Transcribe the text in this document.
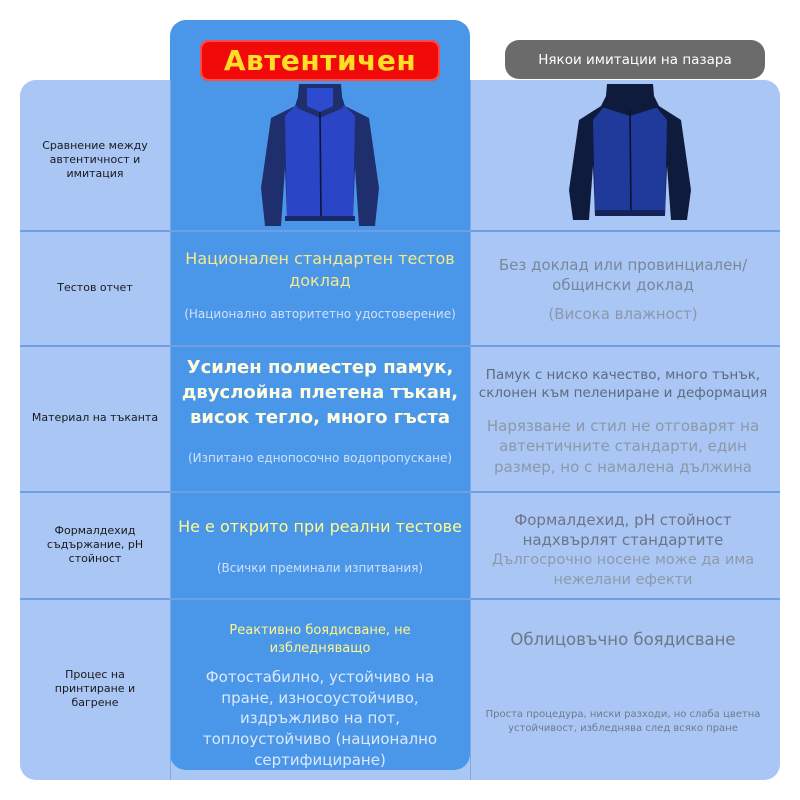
Автентичен	Някои имитации на пазара
Сравнение между автентичност и имитация
Тестов отчет
Материал на тъканта
Формалдехид съдържание, pH стойност
Процес на принтиране и багрене
Национален стандартен тестов доклад
(Национално авторитетно удостоверение)
Без доклад или провинциален/общински доклад
(Висока влажност)
Усилен полиестер памук, двуслойна плетена тъкан, висок тегло, много гъста
(Изпитано еднопосочно водопропускане)
Памук с ниско качество, много тънък, склонен към пелениране и деформация
Нарязване и стил не отговарят на автентичните стандарти, един размер, но с намалена дължина
Не е открито при реални тестове
(Всички преминали изпитвания)
Формалдехид, pH стойност надхвърлят стандартите
Дългосрочно носене може да има нежелани ефекти
Реактивно боядисване, не избледняващо
Фотостабилно, устойчиво на пране, износоустойчиво, издръжливо на пот, топлоустойчиво (национално сертифициране)
Облицовъчно боядисване
Проста процедура, ниски разходи, но слаба цветна устойчивост, избледнява след всяко пране
